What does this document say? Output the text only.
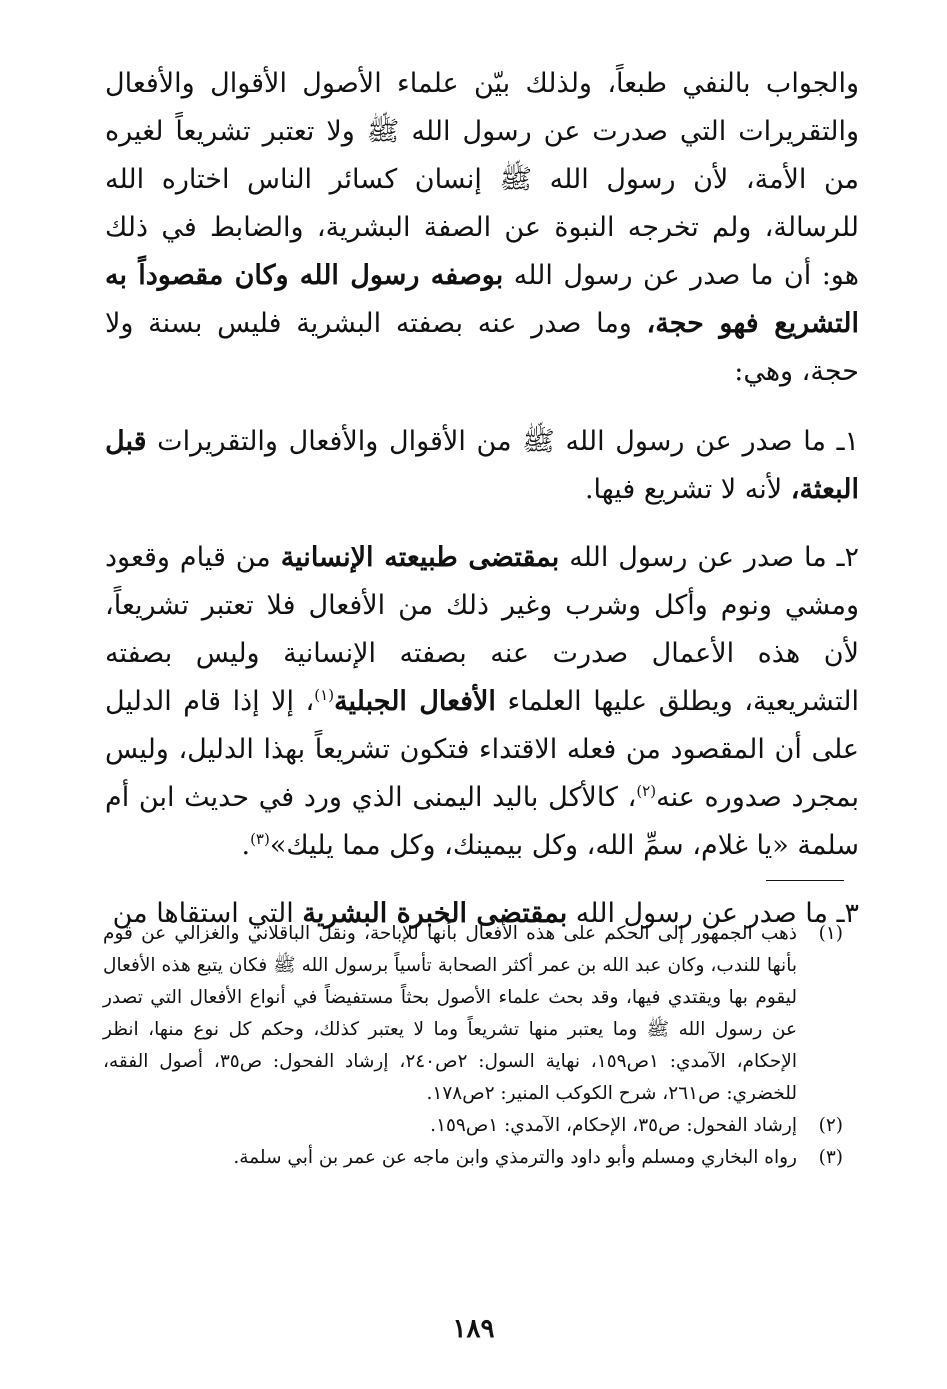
والجواب بالنفي طبعاً، ولذلك بيّن علماء الأصول الأقوال والأفعال والتقريرات التي صدرت عن رسول الله ﷺ ولا تعتبر تشريعاً لغيره من الأمة، لأن رسول الله ﷺ إنسان كسائر الناس اختاره الله للرسالة، ولم تخرجه النبوة عن الصفة البشرية، والضابط في ذلك هو: أن ما صدر عن رسول الله بوصفه رسول الله وكان مقصوداً به التشريع فهو حجة، وما صدر عنه بصفته البشرية فليس بسنة ولا حجة، وهي:

١ـ ما صدر عن رسول الله ﷺ من الأقوال والأفعال والتقريرات قبل البعثة، لأنه لا تشريع فيها.

٢ـ ما صدر عن رسول الله بمقتضى طبيعته الإنسانية من قيام وقعود ومشي ونوم وأكل وشرب وغير ذلك من الأفعال فلا تعتبر تشريعاً، لأن هذه الأعمال صدرت عنه بصفته الإنسانية وليس بصفته التشريعية، ويطلق عليها العلماء الأفعال الجبلية$^{(١)}$، إلا إذا قام الدليل على أن المقصود من فعله الاقتداء فتكون تشريعاً بهذا الدليل، وليس بمجرد صدوره عنه$^{(٢)}$، كالأكل باليد اليمنى الذي ورد في حديث ابن أم سلمة «يا غلام، سمِّ الله، وكل بيمينك، وكل مما يليك»$^{(٣)}$.

٣ـ ما صدر عن رسول الله بمقتضى الخبرة البشرية التي استقاها من

(١)
ذهب الجمهور إلى الحكم على هذه الأفعال بأنها للإباحة، ونقل الباقلاني والغزالي عن قوم بأنها للندب، وكان عبد الله بن عمر أكثر الصحابة تأسياً برسول الله ﷺ فكان يتبع هذه الأفعال ليقوم بها ويقتدي فيها، وقد بحث علماء الأصول بحثاً مستفيضاً في أنواع الأفعال التي تصدر عن رسول الله ﷺ وما يعتبر منها تشريعاً وما لا يعتبر كذلك، وحكم كل نوع منها، انظر الإحكام، الآمدي: ١ص١٥٩، نهاية السول: ٢ص٢٤٠، إرشاد الفحول: ص٣٥، أصول الفقه، للخضري: ص٢٦١، شرح الكوكب المنير: ٢ص١٧٨.
(٢)
إرشاد الفحول: ص٣٥، الإحكام، الآمدي: ١ص١٥٩.
(٣)
رواه البخاري ومسلم وأبو داود والترمذي وابن ماجه عن عمر بن أبي سلمة.
١٨٩
